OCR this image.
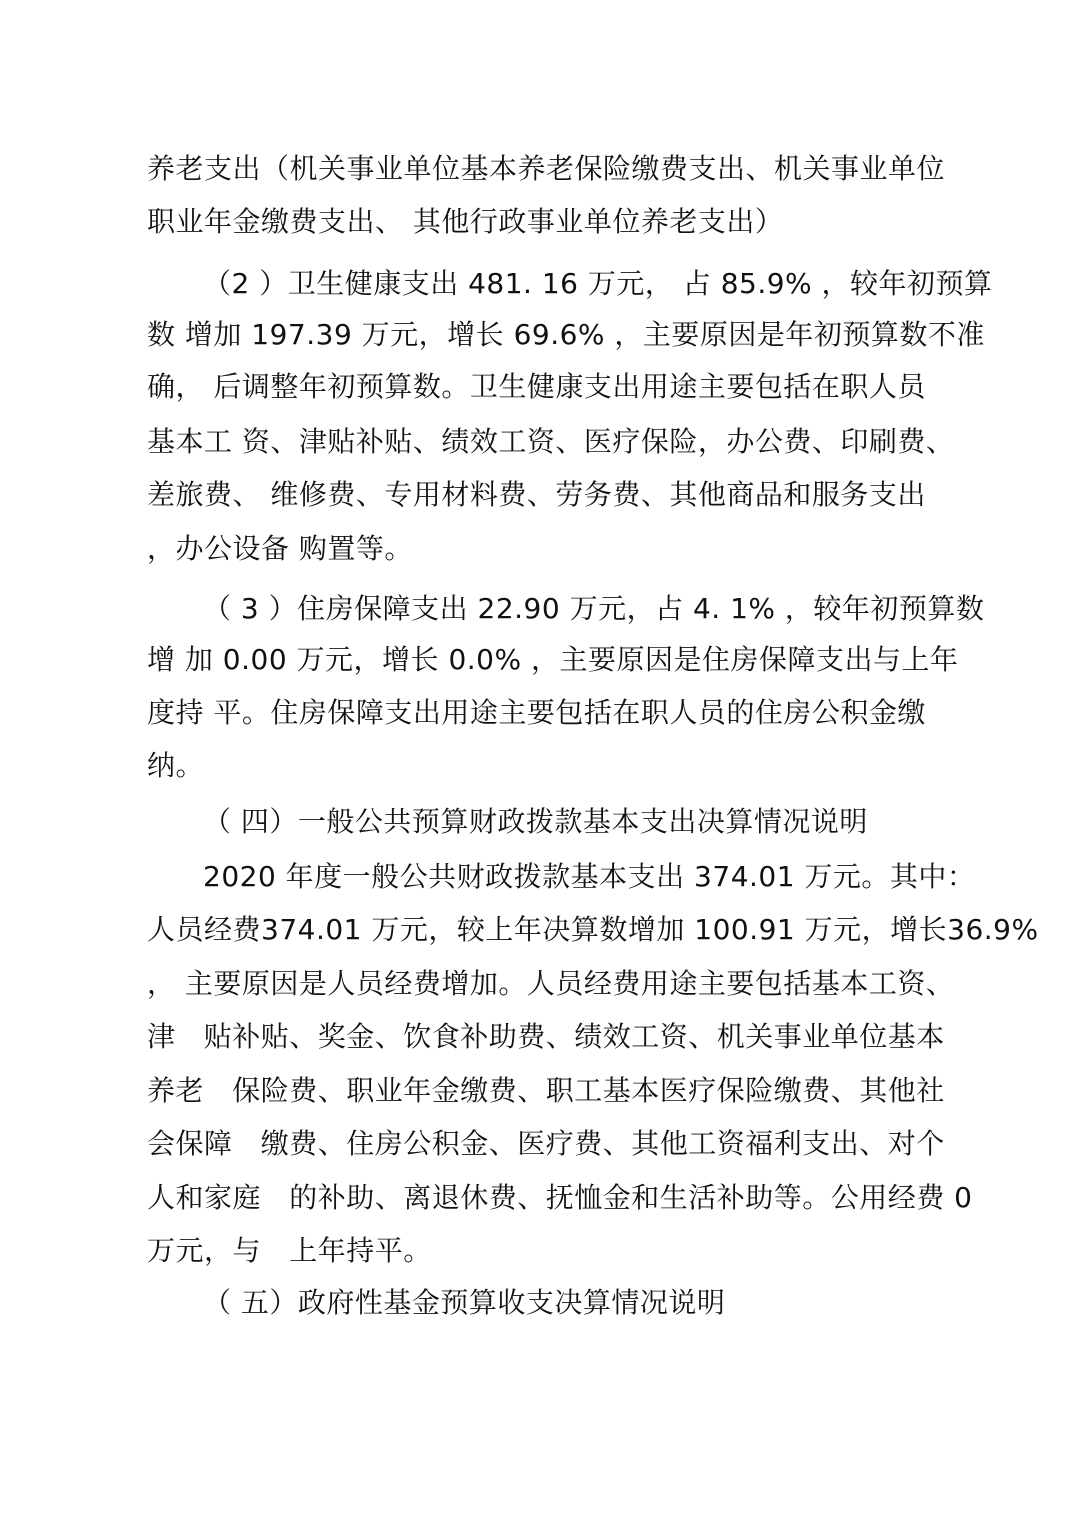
养老支出（机关事业单位基本养老保险缴费支出、机关事业单位
职业年金缴费支出、 其他行政事业单位养老支出）
（2 ）卫生健康支出 481. 16 万元， 占 85.9% ，较年初预算
数 增加 197.39 万元，增长 69.6% ，主要原因是年初预算数不准
确， 后调整年初预算数。卫生健康支出用途主要包括在职人员
基本工 资、津贴补贴、绩效工资、医疗保险，办公费、印刷费、
差旅费、 维修费、专用材料费、劳务费、其他商品和服务支出
，办公设备 购置等。
（ 3 ）住房保障支出 22.90 万元，占 4. 1% ，较年初预算数
增 加 0.00 万元，增长 0.0% ，主要原因是住房保障支出与上年
度持 平。住房保障支出用途主要包括在职人员的住房公积金缴
纳。
（ 四）一般公共预算财政拨款基本支出决算情况说明
2020 年度一般公共财政拨款基本支出 374.01 万元。其中：
人员经费374.01 万元，较上年决算数增加 100.91 万元，增长36.9%
， 主要原因是人员经费增加。人员经费用途主要包括基本工资、
津   贴补贴、奖金、饮食补助费、绩效工资、机关事业单位基本
养老   保险费、职业年金缴费、职工基本医疗保险缴费、其他社
会保障   缴费、住房公积金、医疗费、其他工资福利支出、对个
人和家庭   的补助、离退休费、抚恤金和生活补助等。公用经费 0
万元，与   上年持平。
（ 五）政府性基金预算收支决算情况说明
